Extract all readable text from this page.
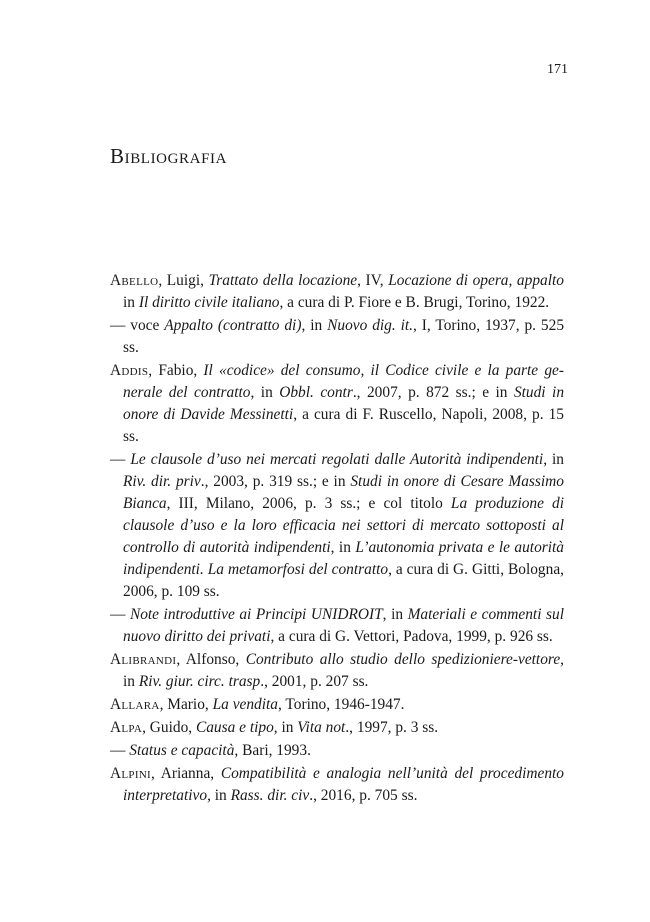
171
Bibliografia

Abello, Luigi, Trattato della locazione, IV, Locazione di opera, appalto in Il diritto civile italiano, a cura di P. Fiore e B. Brugi, Torino, 1922.

— voce Appalto (contratto di), in Nuovo dig. it., I, Torino, 1937, p. 525 ss.

Addis, Fabio, Il «codice» del consumo, il Codice civile e la parte generale del contratto, in Obbl. contr., 2007, p. 872 ss.; e in Studi in onore di Davide Messinetti, a cura di F. Ruscello, Napoli, 2008, p. 15 ss.

— Le clausole d’uso nei mercati regolati dalle Autorità indipendenti, in Riv. dir. priv., 2003, p. 319 ss.; e in Studi in onore di Cesare Massimo Bianca, III, Milano, 2006, p. 3 ss.; e col titolo La produzione di clausole d’uso e la loro efficacia nei settori di mercato sottoposti al controllo di autorità indipendenti, in L’autonomia privata e le autorità indipendenti. La metamorfosi del contratto, a cura di G. Gitti, Bologna, 2006, p. 109 ss.

— Note introduttive ai Principi UNIDROIT, in Materiali e commenti sul nuovo diritto dei privati, a cura di G. Vettori, Padova, 1999, p. 926 ss.

Alibrandi, Alfonso, Contributo allo studio dello spedizioniere-vettore, in Riv. giur. circ. trasp., 2001, p. 207 ss.

Allara, Mario, La vendita, Torino, 1946-1947.

Alpa, Guido, Causa e tipo, in Vita not., 1997, p. 3 ss.

— Status e capacità, Bari, 1993.

Alpini, Arianna, Compatibilità e analogia nell’unità del procedimento interpretativo, in Rass. dir. civ., 2016, p. 705 ss.
